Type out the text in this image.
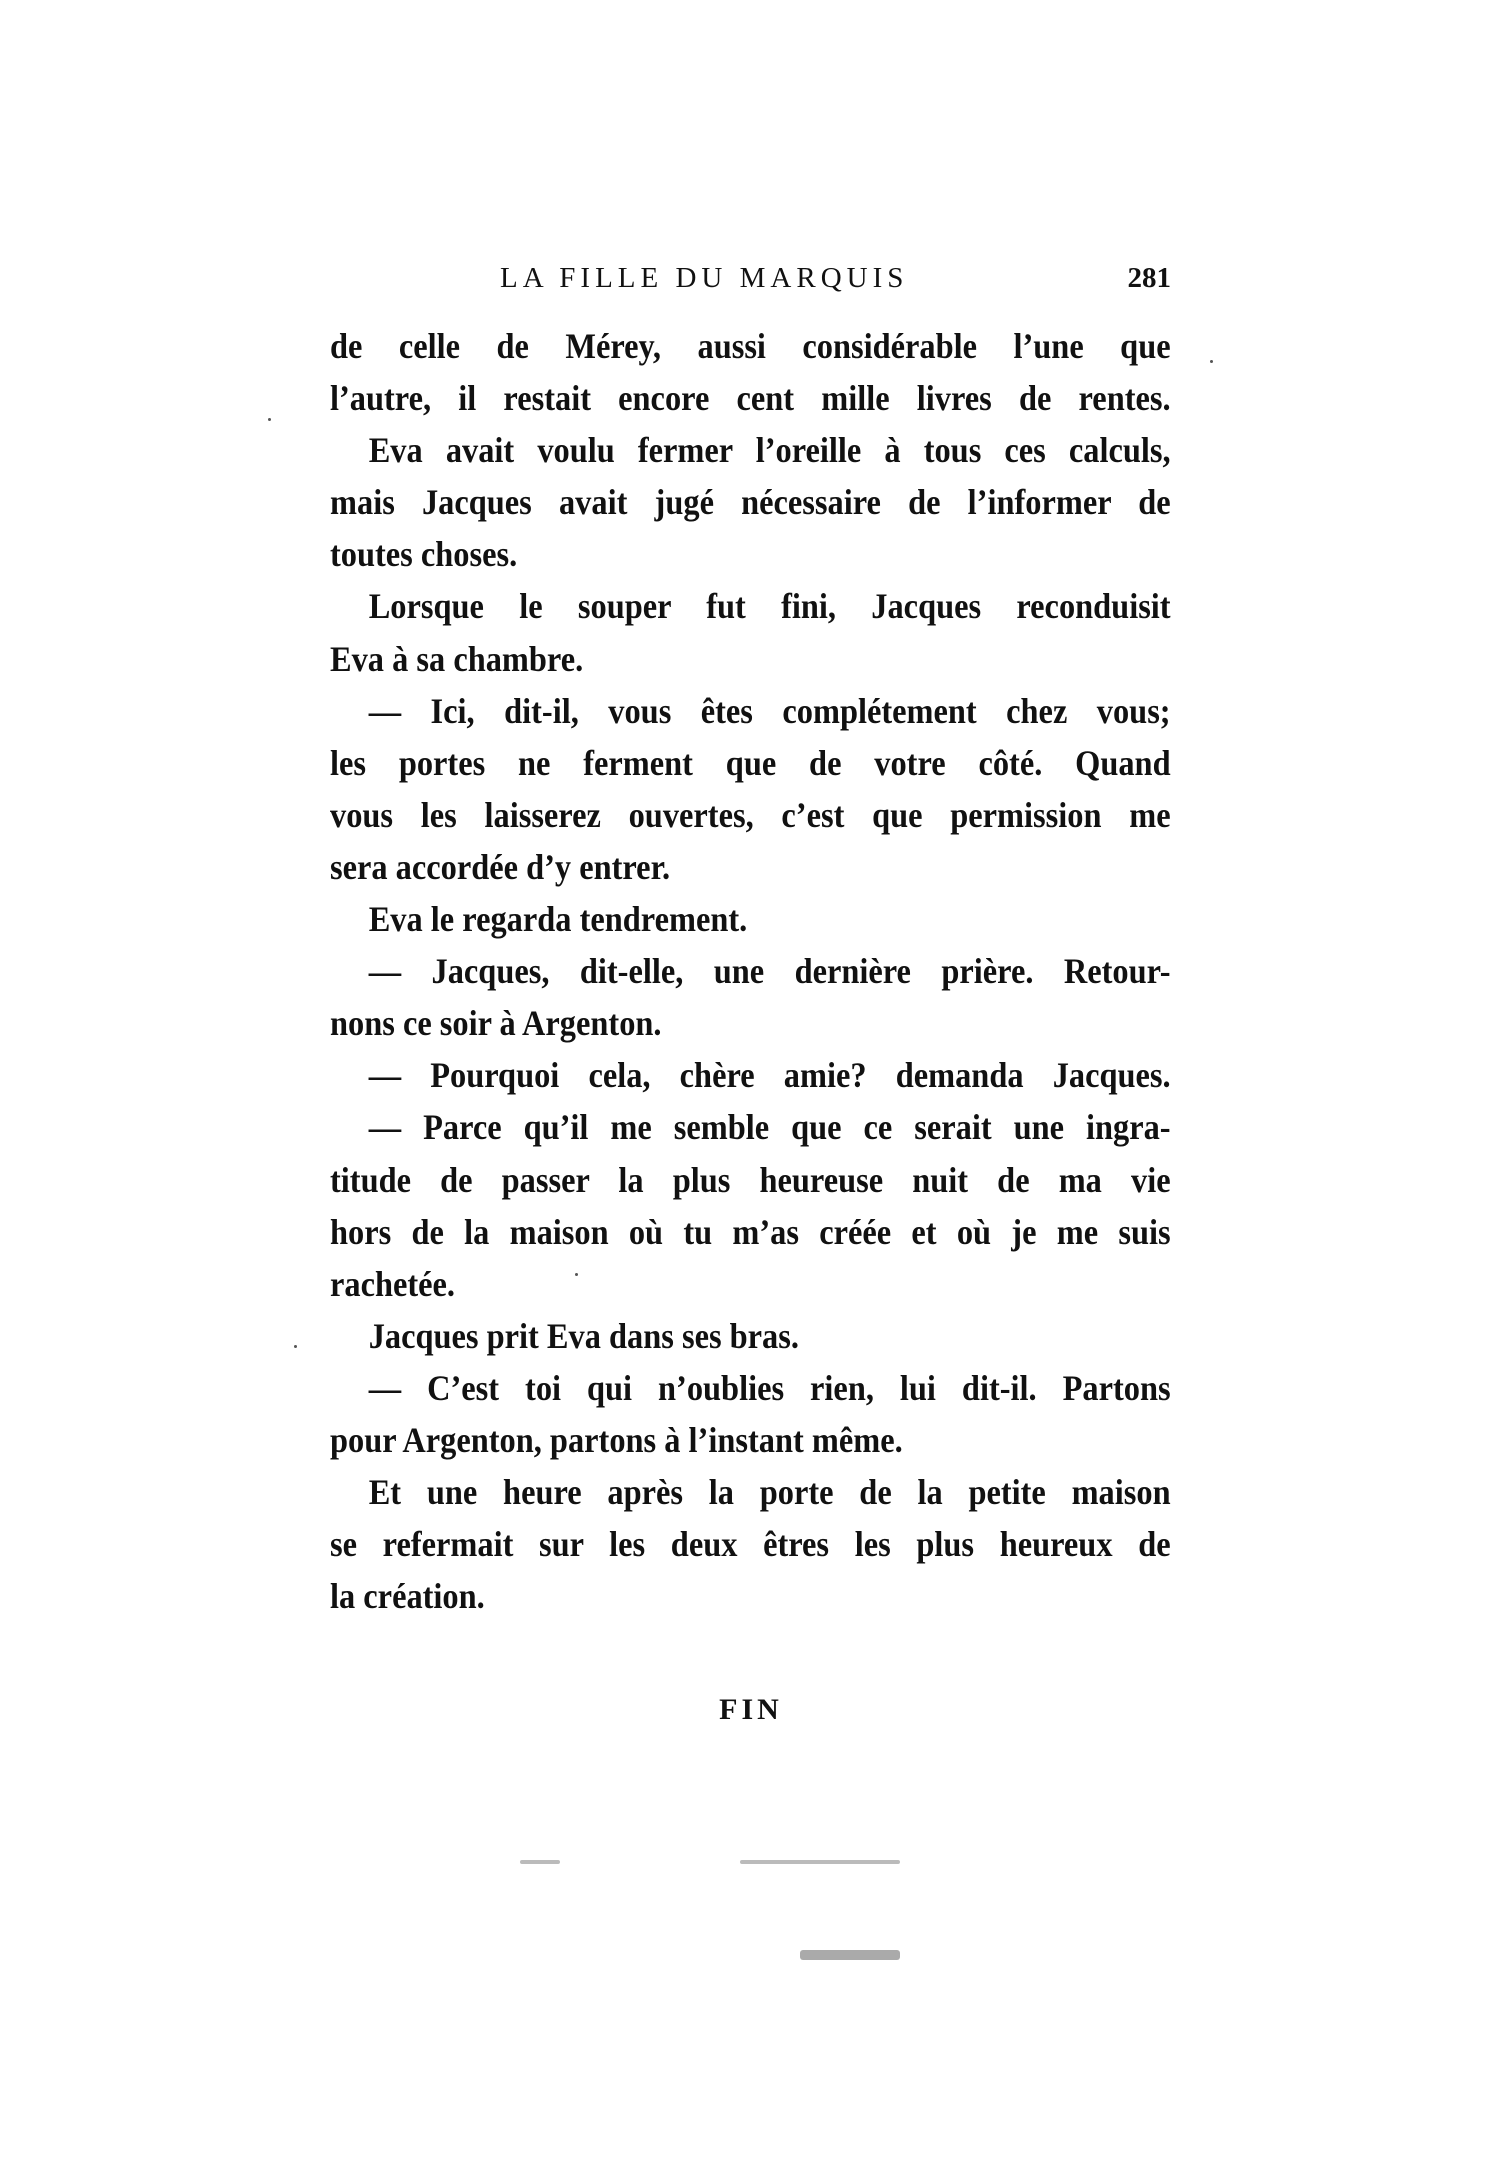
LA FILLE DU MARQUIS	281
de celle de Mérey, aussi considérable l’une que
l’autre, il restait encore cent mille livres de rentes.
Eva avait voulu fermer l’oreille à tous ces calculs,
mais Jacques avait jugé nécessaire de l’informer de
toutes choses.
Lorsque le souper fut fini, Jacques reconduisit
Eva à sa chambre.
— Ici, dit-il, vous êtes complétement chez vous;
les portes ne ferment que de votre côté. Quand
vous les laisserez ouvertes, c’est que permission me
sera accordée d’y entrer.
Eva le regarda tendrement.
— Jacques, dit-elle, une dernière prière. Retour-
nons ce soir à Argenton.
— Pourquoi cela, chère amie? demanda Jacques.
— Parce qu’il me semble que ce serait une ingra-
titude de passer la plus heureuse nuit de ma vie
hors de la maison où tu m’as créée et où je me suis
rachetée.
Jacques prit Eva dans ses bras.
— C’est toi qui n’oublies rien, lui dit-il. Partons
pour Argenton, partons à l’instant même.
Et une heure après la porte de la petite maison
se refermait sur les deux êtres les plus heureux de
la création.
FIN
